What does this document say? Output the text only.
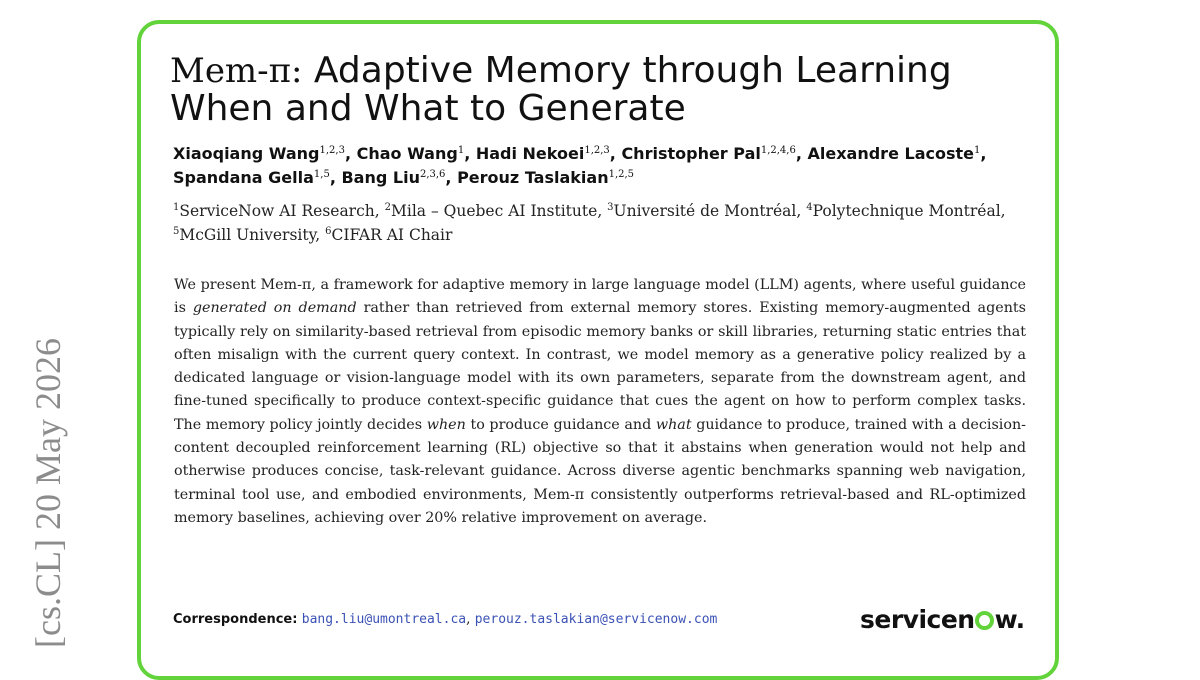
[cs.CL] 20 May 2026
Mem-π: Adaptive Memory through Learning
When and What to Generate
Xiaoqiang Wang$^{1,2,3}$, Chao Wang$^1$, Hadi Nekoei$^{1,2,3}$, Christopher Pal$^{1,2,4,6}$, Alexandre Lacoste$^1$,
Spandana Gella$^{1,5}$, Bang Liu$^{2,3,6}$, Perouz Taslakian$^{1,2,5}$
$^1$ServiceNow AI Research, $^2$Mila – Quebec AI Institute, $^3$Université de Montréal, $^4$Polytechnique Montréal, $^5$McGill University, $^6$CIFAR AI Chair

We present Mem-π, a framework for adaptive memory in large language model (LLM) agents, where useful guidance is generated on demand rather than retrieved from external memory stores. Existing memory-augmented agents typically rely on similarity-based retrieval from episodic memory banks or skill libraries, returning static entries that often misalign with the current query context. In contrast, we model memory as a generative policy realized by a dedicated language or vision-language model with its own parameters, separate from the downstream agent, and fine-tuned specifically to produce context-specific guidance that cues the agent on how to perform complex tasks. The memory policy jointly decides when to produce guidance and what guidance to produce, trained with a decision-content decoupled reinforcement learning (RL) objective so that it abstains when generation would not help and otherwise produces concise, task-relevant guidance. Across diverse agentic benchmarks spanning web navigation, terminal tool use, and embodied environments, Mem-π consistently outperforms retrieval-based and RL-optimized memory baselines, achieving over 20% relative improvement on average.

Correspondence: bang.liu@umontreal.ca, perouz.taslakian@servicenow.com	servicen w.
